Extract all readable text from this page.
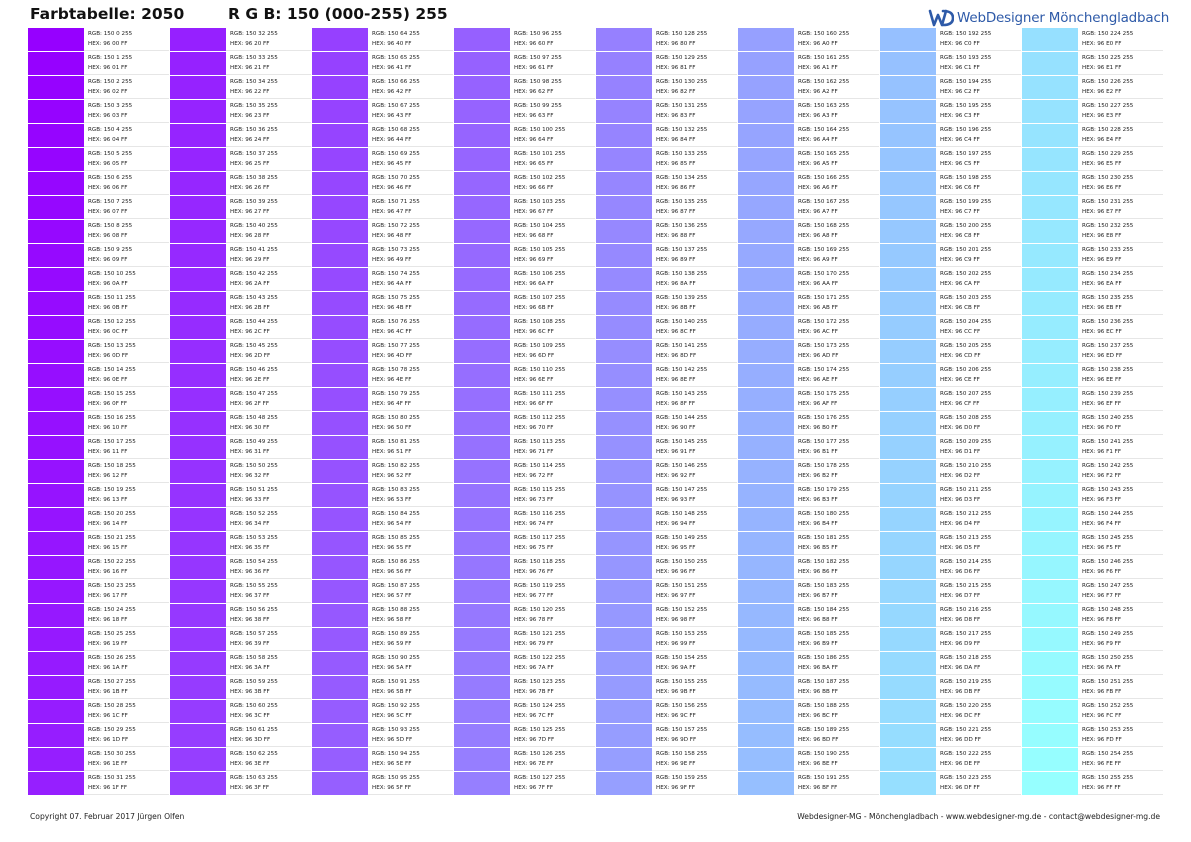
Farbtabelle: 2050	R G B: 150 (000-255) 255	WebDesigner Mönchengladbach
RGB: 150 0 255
HEX: 96 00 FF
RGB: 150 1 255
HEX: 96 01 FF
RGB: 150 2 255
HEX: 96 02 FF
RGB: 150 3 255
HEX: 96 03 FF
RGB: 150 4 255
HEX: 96 04 FF
RGB: 150 5 255
HEX: 96 05 FF
RGB: 150 6 255
HEX: 96 06 FF
RGB: 150 7 255
HEX: 96 07 FF
RGB: 150 8 255
HEX: 96 08 FF
RGB: 150 9 255
HEX: 96 09 FF
RGB: 150 10 255
HEX: 96 0A FF
RGB: 150 11 255
HEX: 96 0B FF
RGB: 150 12 255
HEX: 96 0C FF
RGB: 150 13 255
HEX: 96 0D FF
RGB: 150 14 255
HEX: 96 0E FF
RGB: 150 15 255
HEX: 96 0F FF
RGB: 150 16 255
HEX: 96 10 FF
RGB: 150 17 255
HEX: 96 11 FF
RGB: 150 18 255
HEX: 96 12 FF
RGB: 150 19 255
HEX: 96 13 FF
RGB: 150 20 255
HEX: 96 14 FF
RGB: 150 21 255
HEX: 96 15 FF
RGB: 150 22 255
HEX: 96 16 FF
RGB: 150 23 255
HEX: 96 17 FF
RGB: 150 24 255
HEX: 96 18 FF
RGB: 150 25 255
HEX: 96 19 FF
RGB: 150 26 255
HEX: 96 1A FF
RGB: 150 27 255
HEX: 96 1B FF
RGB: 150 28 255
HEX: 96 1C FF
RGB: 150 29 255
HEX: 96 1D FF
RGB: 150 30 255
HEX: 96 1E FF
RGB: 150 31 255
HEX: 96 1F FF
RGB: 150 32 255
HEX: 96 20 FF
RGB: 150 33 255
HEX: 96 21 FF
RGB: 150 34 255
HEX: 96 22 FF
RGB: 150 35 255
HEX: 96 23 FF
RGB: 150 36 255
HEX: 96 24 FF
RGB: 150 37 255
HEX: 96 25 FF
RGB: 150 38 255
HEX: 96 26 FF
RGB: 150 39 255
HEX: 96 27 FF
RGB: 150 40 255
HEX: 96 28 FF
RGB: 150 41 255
HEX: 96 29 FF
RGB: 150 42 255
HEX: 96 2A FF
RGB: 150 43 255
HEX: 96 2B FF
RGB: 150 44 255
HEX: 96 2C FF
RGB: 150 45 255
HEX: 96 2D FF
RGB: 150 46 255
HEX: 96 2E FF
RGB: 150 47 255
HEX: 96 2F FF
RGB: 150 48 255
HEX: 96 30 FF
RGB: 150 49 255
HEX: 96 31 FF
RGB: 150 50 255
HEX: 96 32 FF
RGB: 150 51 255
HEX: 96 33 FF
RGB: 150 52 255
HEX: 96 34 FF
RGB: 150 53 255
HEX: 96 35 FF
RGB: 150 54 255
HEX: 96 36 FF
RGB: 150 55 255
HEX: 96 37 FF
RGB: 150 56 255
HEX: 96 38 FF
RGB: 150 57 255
HEX: 96 39 FF
RGB: 150 58 255
HEX: 96 3A FF
RGB: 150 59 255
HEX: 96 3B FF
RGB: 150 60 255
HEX: 96 3C FF
RGB: 150 61 255
HEX: 96 3D FF
RGB: 150 62 255
HEX: 96 3E FF
RGB: 150 63 255
HEX: 96 3F FF
RGB: 150 64 255
HEX: 96 40 FF
RGB: 150 65 255
HEX: 96 41 FF
RGB: 150 66 255
HEX: 96 42 FF
RGB: 150 67 255
HEX: 96 43 FF
RGB: 150 68 255
HEX: 96 44 FF
RGB: 150 69 255
HEX: 96 45 FF
RGB: 150 70 255
HEX: 96 46 FF
RGB: 150 71 255
HEX: 96 47 FF
RGB: 150 72 255
HEX: 96 48 FF
RGB: 150 73 255
HEX: 96 49 FF
RGB: 150 74 255
HEX: 96 4A FF
RGB: 150 75 255
HEX: 96 4B FF
RGB: 150 76 255
HEX: 96 4C FF
RGB: 150 77 255
HEX: 96 4D FF
RGB: 150 78 255
HEX: 96 4E FF
RGB: 150 79 255
HEX: 96 4F FF
RGB: 150 80 255
HEX: 96 50 FF
RGB: 150 81 255
HEX: 96 51 FF
RGB: 150 82 255
HEX: 96 52 FF
RGB: 150 83 255
HEX: 96 53 FF
RGB: 150 84 255
HEX: 96 54 FF
RGB: 150 85 255
HEX: 96 55 FF
RGB: 150 86 255
HEX: 96 56 FF
RGB: 150 87 255
HEX: 96 57 FF
RGB: 150 88 255
HEX: 96 58 FF
RGB: 150 89 255
HEX: 96 59 FF
RGB: 150 90 255
HEX: 96 5A FF
RGB: 150 91 255
HEX: 96 5B FF
RGB: 150 92 255
HEX: 96 5C FF
RGB: 150 93 255
HEX: 96 5D FF
RGB: 150 94 255
HEX: 96 5E FF
RGB: 150 95 255
HEX: 96 5F FF
RGB: 150 96 255
HEX: 96 60 FF
RGB: 150 97 255
HEX: 96 61 FF
RGB: 150 98 255
HEX: 96 62 FF
RGB: 150 99 255
HEX: 96 63 FF
RGB: 150 100 255
HEX: 96 64 FF
RGB: 150 101 255
HEX: 96 65 FF
RGB: 150 102 255
HEX: 96 66 FF
RGB: 150 103 255
HEX: 96 67 FF
RGB: 150 104 255
HEX: 96 68 FF
RGB: 150 105 255
HEX: 96 69 FF
RGB: 150 106 255
HEX: 96 6A FF
RGB: 150 107 255
HEX: 96 6B FF
RGB: 150 108 255
HEX: 96 6C FF
RGB: 150 109 255
HEX: 96 6D FF
RGB: 150 110 255
HEX: 96 6E FF
RGB: 150 111 255
HEX: 96 6F FF
RGB: 150 112 255
HEX: 96 70 FF
RGB: 150 113 255
HEX: 96 71 FF
RGB: 150 114 255
HEX: 96 72 FF
RGB: 150 115 255
HEX: 96 73 FF
RGB: 150 116 255
HEX: 96 74 FF
RGB: 150 117 255
HEX: 96 75 FF
RGB: 150 118 255
HEX: 96 76 FF
RGB: 150 119 255
HEX: 96 77 FF
RGB: 150 120 255
HEX: 96 78 FF
RGB: 150 121 255
HEX: 96 79 FF
RGB: 150 122 255
HEX: 96 7A FF
RGB: 150 123 255
HEX: 96 7B FF
RGB: 150 124 255
HEX: 96 7C FF
RGB: 150 125 255
HEX: 96 7D FF
RGB: 150 126 255
HEX: 96 7E FF
RGB: 150 127 255
HEX: 96 7F FF
RGB: 150 128 255
HEX: 96 80 FF
RGB: 150 129 255
HEX: 96 81 FF
RGB: 150 130 255
HEX: 96 82 FF
RGB: 150 131 255
HEX: 96 83 FF
RGB: 150 132 255
HEX: 96 84 FF
RGB: 150 133 255
HEX: 96 85 FF
RGB: 150 134 255
HEX: 96 86 FF
RGB: 150 135 255
HEX: 96 87 FF
RGB: 150 136 255
HEX: 96 88 FF
RGB: 150 137 255
HEX: 96 89 FF
RGB: 150 138 255
HEX: 96 8A FF
RGB: 150 139 255
HEX: 96 8B FF
RGB: 150 140 255
HEX: 96 8C FF
RGB: 150 141 255
HEX: 96 8D FF
RGB: 150 142 255
HEX: 96 8E FF
RGB: 150 143 255
HEX: 96 8F FF
RGB: 150 144 255
HEX: 96 90 FF
RGB: 150 145 255
HEX: 96 91 FF
RGB: 150 146 255
HEX: 96 92 FF
RGB: 150 147 255
HEX: 96 93 FF
RGB: 150 148 255
HEX: 96 94 FF
RGB: 150 149 255
HEX: 96 95 FF
RGB: 150 150 255
HEX: 96 96 FF
RGB: 150 151 255
HEX: 96 97 FF
RGB: 150 152 255
HEX: 96 98 FF
RGB: 150 153 255
HEX: 96 99 FF
RGB: 150 154 255
HEX: 96 9A FF
RGB: 150 155 255
HEX: 96 9B FF
RGB: 150 156 255
HEX: 96 9C FF
RGB: 150 157 255
HEX: 96 9D FF
RGB: 150 158 255
HEX: 96 9E FF
RGB: 150 159 255
HEX: 96 9F FF
RGB: 150 160 255
HEX: 96 A0 FF
RGB: 150 161 255
HEX: 96 A1 FF
RGB: 150 162 255
HEX: 96 A2 FF
RGB: 150 163 255
HEX: 96 A3 FF
RGB: 150 164 255
HEX: 96 A4 FF
RGB: 150 165 255
HEX: 96 A5 FF
RGB: 150 166 255
HEX: 96 A6 FF
RGB: 150 167 255
HEX: 96 A7 FF
RGB: 150 168 255
HEX: 96 A8 FF
RGB: 150 169 255
HEX: 96 A9 FF
RGB: 150 170 255
HEX: 96 AA FF
RGB: 150 171 255
HEX: 96 AB FF
RGB: 150 172 255
HEX: 96 AC FF
RGB: 150 173 255
HEX: 96 AD FF
RGB: 150 174 255
HEX: 96 AE FF
RGB: 150 175 255
HEX: 96 AF FF
RGB: 150 176 255
HEX: 96 B0 FF
RGB: 150 177 255
HEX: 96 B1 FF
RGB: 150 178 255
HEX: 96 B2 FF
RGB: 150 179 255
HEX: 96 B3 FF
RGB: 150 180 255
HEX: 96 B4 FF
RGB: 150 181 255
HEX: 96 B5 FF
RGB: 150 182 255
HEX: 96 B6 FF
RGB: 150 183 255
HEX: 96 B7 FF
RGB: 150 184 255
HEX: 96 B8 FF
RGB: 150 185 255
HEX: 96 B9 FF
RGB: 150 186 255
HEX: 96 BA FF
RGB: 150 187 255
HEX: 96 BB FF
RGB: 150 188 255
HEX: 96 BC FF
RGB: 150 189 255
HEX: 96 BD FF
RGB: 150 190 255
HEX: 96 BE FF
RGB: 150 191 255
HEX: 96 BF FF
RGB: 150 192 255
HEX: 96 C0 FF
RGB: 150 193 255
HEX: 96 C1 FF
RGB: 150 194 255
HEX: 96 C2 FF
RGB: 150 195 255
HEX: 96 C3 FF
RGB: 150 196 255
HEX: 96 C4 FF
RGB: 150 197 255
HEX: 96 C5 FF
RGB: 150 198 255
HEX: 96 C6 FF
RGB: 150 199 255
HEX: 96 C7 FF
RGB: 150 200 255
HEX: 96 C8 FF
RGB: 150 201 255
HEX: 96 C9 FF
RGB: 150 202 255
HEX: 96 CA FF
RGB: 150 203 255
HEX: 96 CB FF
RGB: 150 204 255
HEX: 96 CC FF
RGB: 150 205 255
HEX: 96 CD FF
RGB: 150 206 255
HEX: 96 CE FF
RGB: 150 207 255
HEX: 96 CF FF
RGB: 150 208 255
HEX: 96 D0 FF
RGB: 150 209 255
HEX: 96 D1 FF
RGB: 150 210 255
HEX: 96 D2 FF
RGB: 150 211 255
HEX: 96 D3 FF
RGB: 150 212 255
HEX: 96 D4 FF
RGB: 150 213 255
HEX: 96 D5 FF
RGB: 150 214 255
HEX: 96 D6 FF
RGB: 150 215 255
HEX: 96 D7 FF
RGB: 150 216 255
HEX: 96 D8 FF
RGB: 150 217 255
HEX: 96 D9 FF
RGB: 150 218 255
HEX: 96 DA FF
RGB: 150 219 255
HEX: 96 DB FF
RGB: 150 220 255
HEX: 96 DC FF
RGB: 150 221 255
HEX: 96 DD FF
RGB: 150 222 255
HEX: 96 DE FF
RGB: 150 223 255
HEX: 96 DF FF
RGB: 150 224 255
HEX: 96 E0 FF
RGB: 150 225 255
HEX: 96 E1 FF
RGB: 150 226 255
HEX: 96 E2 FF
RGB: 150 227 255
HEX: 96 E3 FF
RGB: 150 228 255
HEX: 96 E4 FF
RGB: 150 229 255
HEX: 96 E5 FF
RGB: 150 230 255
HEX: 96 E6 FF
RGB: 150 231 255
HEX: 96 E7 FF
RGB: 150 232 255
HEX: 96 E8 FF
RGB: 150 233 255
HEX: 96 E9 FF
RGB: 150 234 255
HEX: 96 EA FF
RGB: 150 235 255
HEX: 96 EB FF
RGB: 150 236 255
HEX: 96 EC FF
RGB: 150 237 255
HEX: 96 ED FF
RGB: 150 238 255
HEX: 96 EE FF
RGB: 150 239 255
HEX: 96 EF FF
RGB: 150 240 255
HEX: 96 F0 FF
RGB: 150 241 255
HEX: 96 F1 FF
RGB: 150 242 255
HEX: 96 F2 FF
RGB: 150 243 255
HEX: 96 F3 FF
RGB: 150 244 255
HEX: 96 F4 FF
RGB: 150 245 255
HEX: 96 F5 FF
RGB: 150 246 255
HEX: 96 F6 FF
RGB: 150 247 255
HEX: 96 F7 FF
RGB: 150 248 255
HEX: 96 F8 FF
RGB: 150 249 255
HEX: 96 F9 FF
RGB: 150 250 255
HEX: 96 FA FF
RGB: 150 251 255
HEX: 96 FB FF
RGB: 150 252 255
HEX: 96 FC FF
RGB: 150 253 255
HEX: 96 FD FF
RGB: 150 254 255
HEX: 96 FE FF
RGB: 150 255 255
HEX: 96 FF FF
Copyright 07. Februar 2017 Jürgen Olfen	Webdesigner-MG - Mönchengladbach - www.webdesigner-mg.de - contact@webdesigner-mg.de
